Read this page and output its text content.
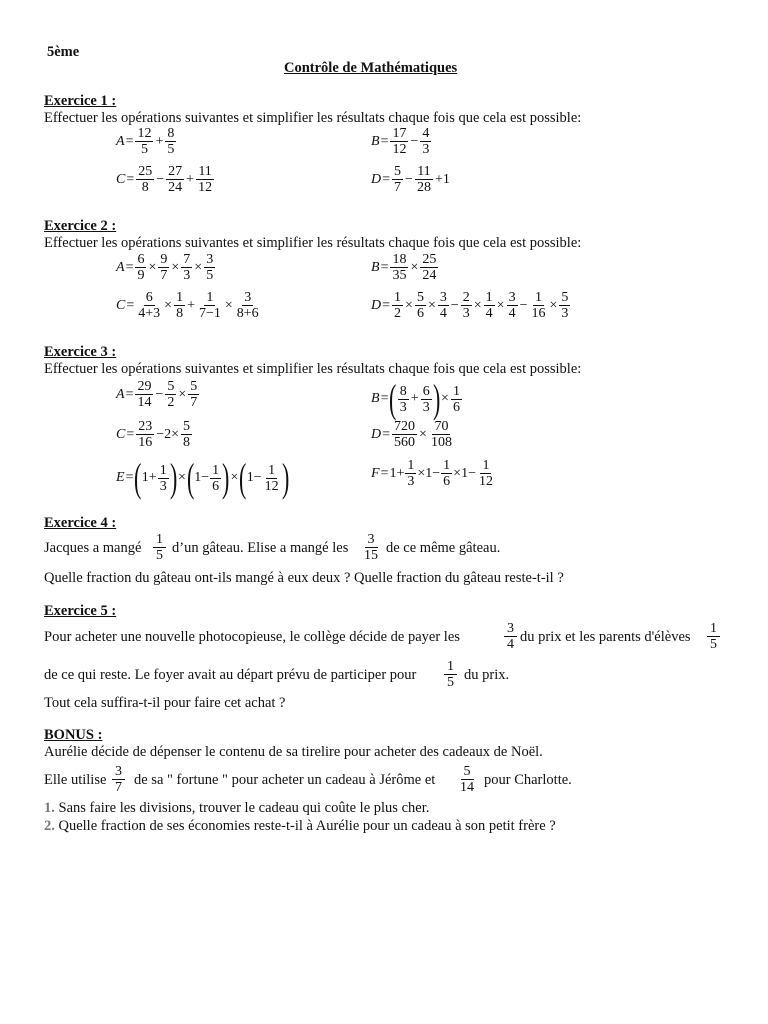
5ème
Contrôle de Mathématiques
Exercice 1 :
Effectuer les opérations suivantes et simplifier les résultats chaque fois que cela est possible:
$A = \frac{12}{5} + \frac{8}{5}$	$B = \frac{17}{12} - \frac{4}{3}$
$C = \frac{25}{8} - \frac{27}{24} + \frac{11}{12}$	$D = \frac{5}{7} - \frac{11}{28} +1$
Exercice 2 :
Effectuer les opérations suivantes et simplifier les résultats chaque fois que cela est possible:
$A = \frac{6}{9} \times \frac{9}{7} \times \frac{7}{3} \times \frac{3}{5}$	$B = \frac{18}{35} \times \frac{25}{24}$
$C = \frac{6}{4+3} \times \frac{1}{8} + \frac{1}{7-1} \times \frac{3}{8+6}$	$D = \frac{1}{2} \times \frac{5}{6} \times \frac{3}{4} - \frac{2}{3} \times \frac{1}{4} \times \frac{3}{4} - \frac{1}{16} \times \frac{5}{3}$
Exercice 3 :
Effectuer les opérations suivantes et simplifier les résultats chaque fois que cela est possible:
$A = \frac{29}{14} - \frac{5}{2} \times \frac{5}{7}$	B = ( $\frac{8}{3} + \frac{6}{3}$ ) × $\frac{1}{6}$
$C = \frac{23}{16} -2\times \frac{5}{8}$	$D = \frac{720}{560} \times \frac{70}{108}$
E = ( $1+ \frac{1}{3}$ ) × ( $1- \frac{1}{6}$ ) × ( $1- \frac{1}{12}$ )	$F = 1+ \frac{1}{3} \times 1- \frac{1}{6} \times 1- \frac{1}{12}$
Exercice 4 :
Jacques a mangé
1
5 d’un gâteau. Elise a mangé les
3
15 de ce même gâteau.
Quelle fraction du gâteau ont-ils mangé à eux deux ? Quelle fraction du gâteau reste-t-il ?
Exercice 5 :
Pour acheter une nouvelle photocopieuse, le collège décide de payer les
3
4 du prix et les parents d'élèves
1
5
de ce qui reste. Le foyer avait au départ prévu de participer pour
1
5 du prix.
Tout cela suffira-t-il pour faire cet achat ?
BONUS :
Aurélie décide de dépenser le contenu de sa tirelire pour acheter des cadeaux de Noël.
Elle utilise
3
7 de sa " fortune " pour acheter un cadeau à Jérôme et
5
14 pour Charlotte.
1. Sans faire les divisions, trouver le cadeau qui coûte le plus cher.
2. Quelle fraction de ses économies reste-t-il à Aurélie pour un cadeau à son petit frère ?
